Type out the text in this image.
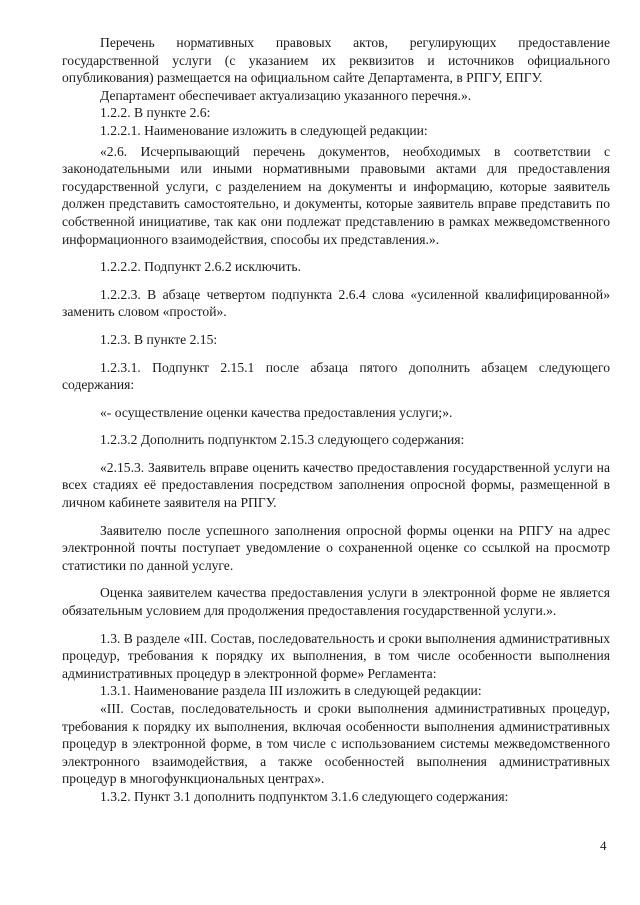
Перечень нормативных правовых актов, регулирующих предоставление государственной услуги (с указанием их реквизитов и источников официального опубликования) размещается на официальном сайте Департамента, в РПГУ, ЕПГУ.

Департамент обеспечивает актуализацию указанного перечня.».

1.2.2. В пункте 2.6:

1.2.2.1. Наименование изложить в следующей редакции:

«2.6. Исчерпывающий перечень документов, необходимых в соответствии с законодательными или иными нормативными правовыми актами для предоставления государственной услуги, с разделением на документы и информацию, которые заявитель должен представить самостоятельно, и документы, которые заявитель вправе представить по собственной инициативе, так как они подлежат представлению в рамках межведомственного информационного взаимодействия, способы их представления.».

1.2.2.2. Подпункт 2.6.2 исключить.

1.2.2.3. В абзаце четвертом подпункта 2.6.4 слова «усиленной квалифицированной» заменить словом «простой».

1.2.3. В пункте 2.15:

1.2.3.1. Подпункт 2.15.1 после абзаца пятого дополнить абзацем следующего содержания:

«- осуществление оценки качества предоставления услуги;».

1.2.3.2 Дополнить подпунктом 2.15.3 следующего содержания:

«2.15.3. Заявитель вправе оценить качество предоставления государственной услуги на всех стадиях её предоставления посредством заполнения опросной формы, размещенной в личном кабинете заявителя на РПГУ.

Заявителю после успешного заполнения опросной формы оценки на РПГУ на адрес электронной почты поступает уведомление о сохраненной оценке со ссылкой на просмотр статистики по данной услуге.

Оценка заявителем качества предоставления услуги в электронной форме не является обязательным условием для продолжения предоставления государственной услуги.».

1.3. В разделе «III. Состав, последовательность и сроки выполнения административных процедур, требования к порядку их выполнения, в том числе особенности выполнения административных процедур в электронной форме» Регламента:

1.3.1. Наименование раздела III изложить в следующей редакции:

«III. Состав, последовательность и сроки выполнения административных процедур, требования к порядку их выполнения, включая особенности выполнения административных процедур в электронной форме, в том числе с использованием системы межведомственного электронного взаимодействия, а также особенностей выполнения административных процедур в многофункциональных центрах».

1.3.2. Пункт 3.1 дополнить подпунктом 3.1.6 следующего содержания:

4
